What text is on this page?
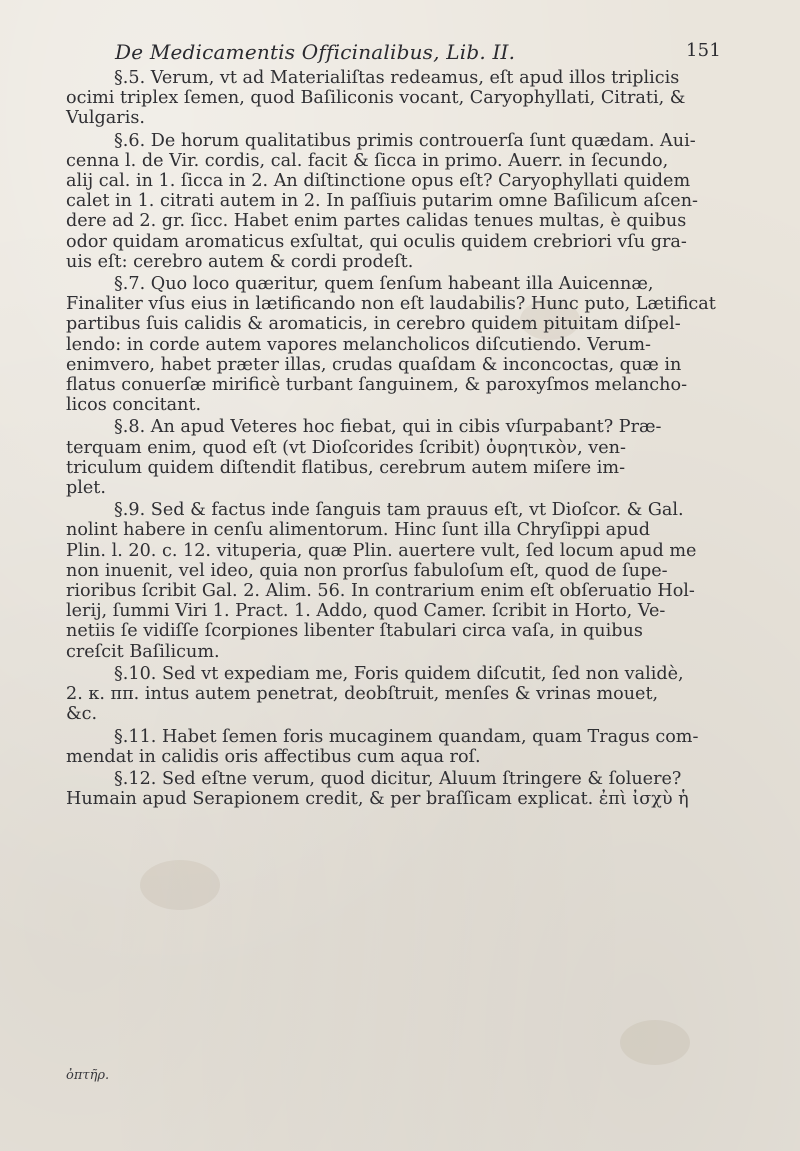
De Medicamentis Officinalibus, Lib. II.	151
§.5. Verum, vt ad Materialiſtas redeamus, eſt apud illos triplicis
ocimi triplex ſemen, quod Baſiliconis vocant, Caryophyllati, Citrati, &
Vulgaris.
§.6. De horum qualitatibus primis controuerſa ſunt quædam. Aui-
cenna l. de Vir. cordis, cal. facit & ſicca in primo. Auerr. in ſecundo,
alij cal. in 1. ſicca in 2. An diſtinctione opus eſt? Caryophyllati quidem
calet in 1. citrati autem in 2. In paſſiuis putarim omne Baſilicum aſcen-
dere ad 2. gr. ſicc. Habet enim partes calidas tenues multas, è quibus
odor quidam aromaticus exſultat, qui oculis quidem crebriori vſu gra-
uis eſt: cerebro autem & cordi prodeſt.
§.7. Quo loco quæritur, quem ſenſum habeant illa Auicennæ,
Finaliter vſus eius in lætificando non eſt laudabilis? Hunc puto, Lætificat
partibus ſuis calidis & aromaticis, in cerebro quidem pituitam diſpel-
lendo: in corde autem vapores melancholicos diſcutiendo. Verum-
enimvero, habet præter illas, crudas quaſdam & inconcoctas, quæ in
flatus conuerſæ mirificè turbant ſanguinem, & paroxyſmos melancho-
licos concitant.
§.8. An apud Veteres hoc fiebat, qui in cibis vſurpabant? Præ-
terquam enim, quod eſt (vt Dioſcorides ſcribit) ὀυρητικὸν, ven-
triculum quidem diſtendit flatibus, cerebrum autem miſere im-
plet.
§.9. Sed & factus inde ſanguis tam prauus eſt, vt Dioſcor. & Gal.
nolint habere in cenſu alimentorum. Hinc ſunt illa Chryſippi apud
Plin. l. 20. c. 12. vituperia, quæ Plin. auertere vult, ſed locum apud me
non inuenit, vel ideo, quia non prorſus fabuloſum eſt, quod de ſupe-
rioribus ſcribit Gal. 2. Alim. 56. In contrarium enim eſt obſeruatio Hol-
lerij, ſummi Viri 1. Pract. 1. Addo, quod Camer. ſcribit in Horto, Ve-
netiis ſe vidiſſe ſcorpiones libenter ſtabulari circa vaſa, in quibus
creſcit Baſilicum.
§.10. Sed vt expediam me, Foris quidem diſcutit, ſed non validè,
2. κ. ππ. intus autem penetrat, deobſtruit, menſes & vrinas mouet,
&c.
§.11. Habet ſemen foris mucaginem quandam, quam Tragus com-
mendat in calidis oris affectibus cum aqua roſ.
§.12. Sed eſtne verum, quod dicitur, Aluum ſtringere & ſoluere?
Humain apud Serapionem credit, & per braſſicam explicat. ἐπὶ ἰσχὺ ἡ
ὀπτῆρ.
